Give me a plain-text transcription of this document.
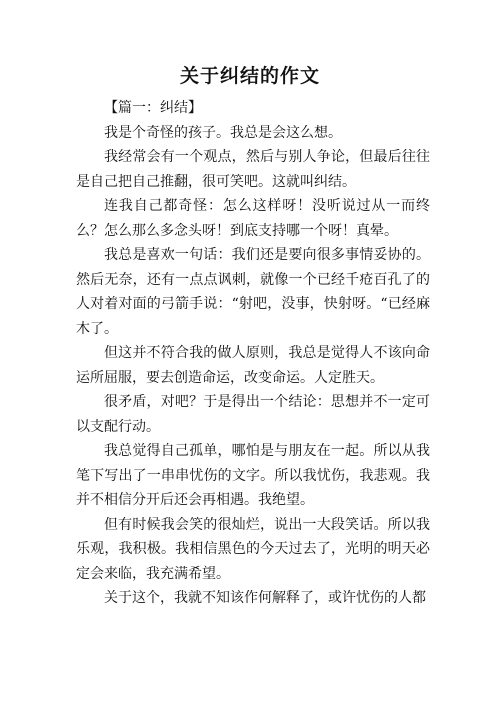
关于纠结的作文

【篇一：纠结】

我是个奇怪的孩子。我总是会这么想。

我经常会有一个观点，然后与别人争论，但最后往往是自己把自己推翻，很可笑吧。这就叫纠结。

连我自己都奇怪：怎么这样呀！没听说过从一而终么？怎么那么多念头呀！到底支持哪一个呀！真晕。

我总是喜欢一句话：我们还是要向很多事情妥协的。然后无奈，还有一点点讽刺，就像一个已经千疮百孔了的人对着对面的弓箭手说：“射吧，没事，快射呀。“已经麻木了。

但这并不符合我的做人原则，我总是觉得人不该向命运所屈服，要去创造命运，改变命运。人定胜天。

很矛盾，对吧？于是得出一个结论：思想并不一定可以支配行动。

我总觉得自己孤单，哪怕是与朋友在一起。所以从我笔下写出了一串串忧伤的文字。所以我忧伤，我悲观。我并不相信分开后还会再相遇。我绝望。

但有时候我会笑的很灿烂，说出一大段笑话。所以我乐观，我积极。我相信黑色的今天过去了，光明的明天必定会来临，我充满希望。

关于这个，我就不知该作何解释了，或许忧伤的人都
